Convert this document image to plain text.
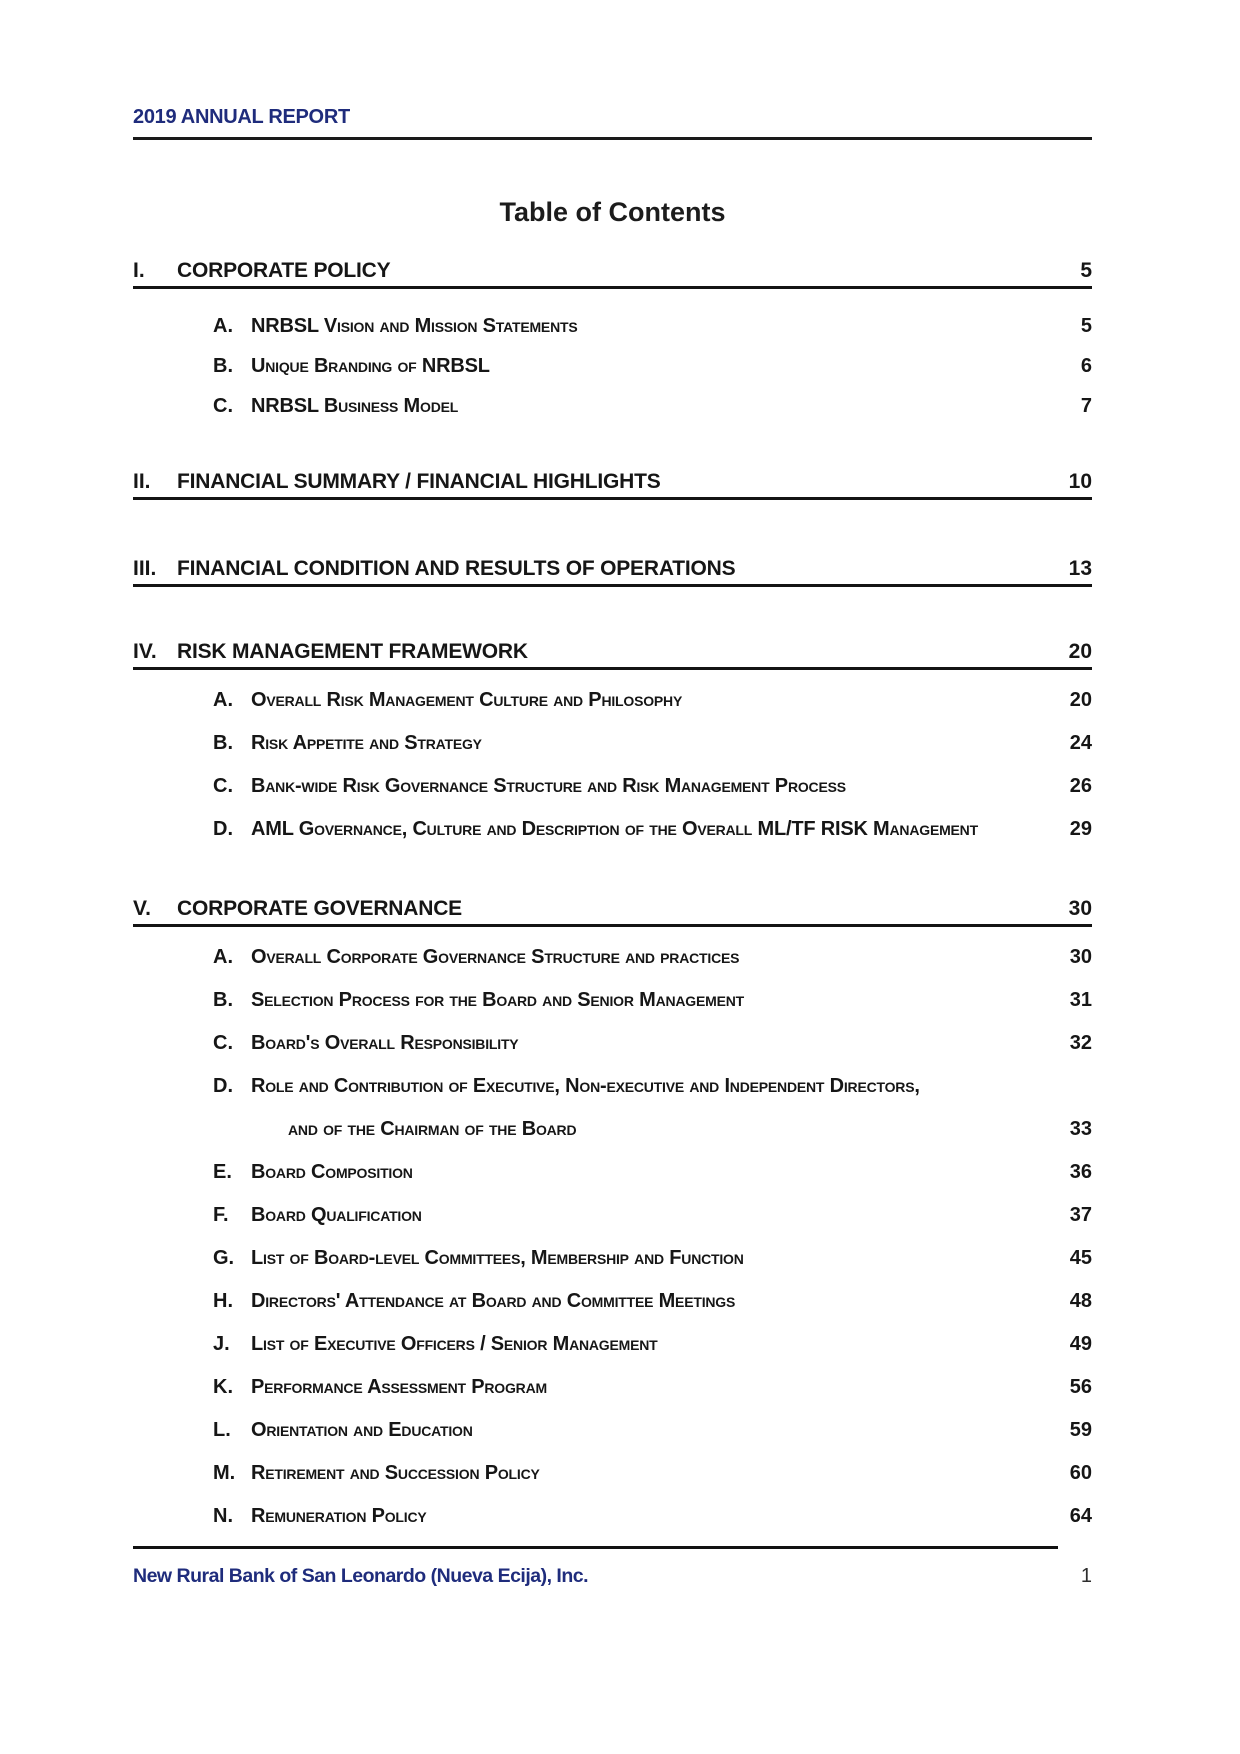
2019 ANNUAL REPORT
Table of Contents
I.	CORPORATE POLICY	5
A. NRBSL Vision and Mission Statements	5
B. Unique Branding of NRBSL	6
C. NRBSL Business Model	7
II.	FINANCIAL SUMMARY / FINANCIAL HIGHLIGHTS	10
III. FINANCIAL CONDITION AND RESULTS OF OPERATIONS	13
IV. RISK MANAGEMENT FRAMEWORK	20
A. Overall Risk Management Culture and Philosophy	20
B. Risk Appetite and Strategy	24
C. Bank-wide Risk Governance Structure and Risk Management Process	26
D. AML Governance, Culture and Description of the Overall ML/TF RISK Management	29
V.	CORPORATE GOVERNANCE	30
A. Overall Corporate Governance Structure and practices	30
B. Selection Process for the Board and Senior Management	31
C. Board's Overall Responsibility	32
D. Role and Contribution of Executive, Non-executive and Independent Directors,
and of the Chairman of the Board	33
E. Board Composition	36
F.	Board Qualification	37
G. List of Board-level Committees, Membership and Function	45
H. Directors' Attendance at Board and Committee Meetings	48
J.	List of Executive Officers / Senior Management	49
K. Performance Assessment Program	56
L.	Orientation and Education	59
M. Retirement and Succession Policy	60
N. Remuneration Policy	64
New Rural Bank of San Leonardo (Nueva Ecija), Inc.	1
